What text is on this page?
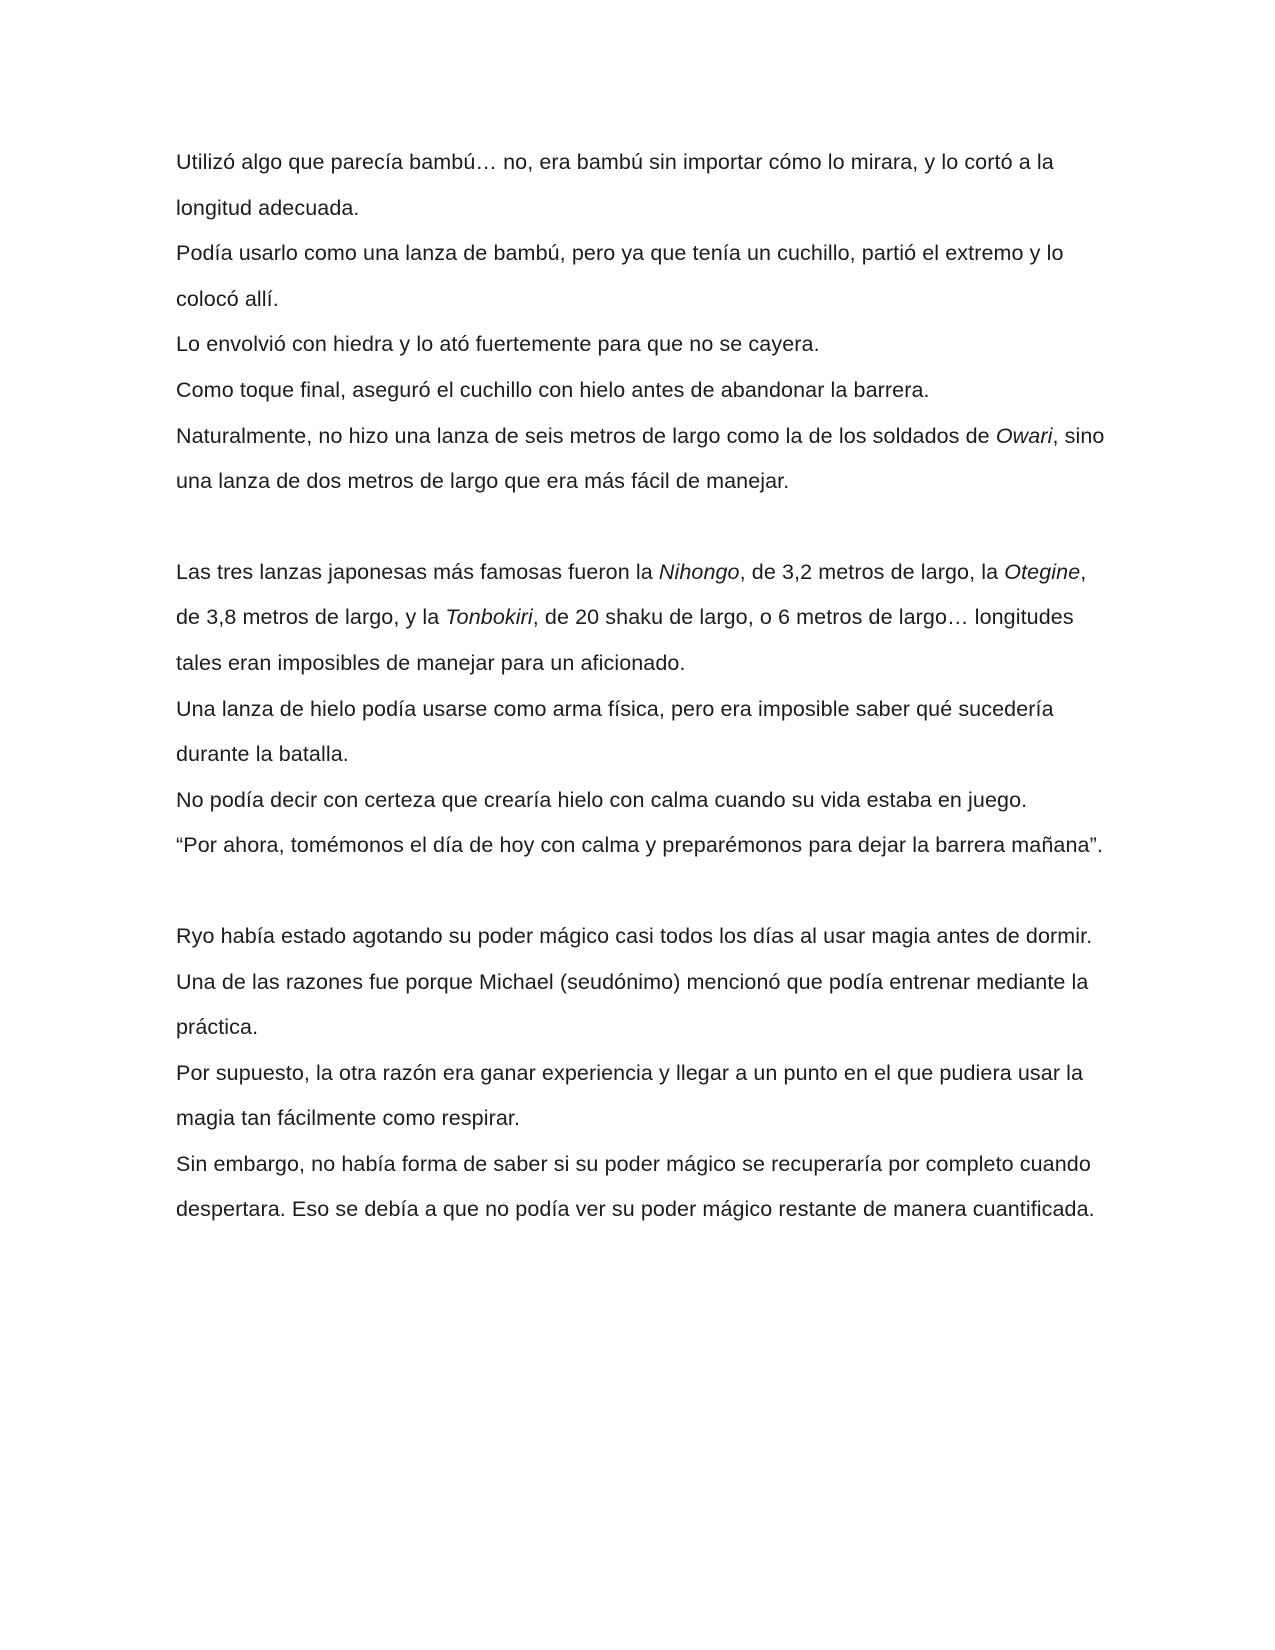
Utilizó algo que parecía bambú… no, era bambú sin importar cómo lo mirara, y lo cortó a la longitud adecuada.

Podía usarlo como una lanza de bambú, pero ya que tenía un cuchillo, partió el extremo y lo colocó allí.

Lo envolvió con hiedra y lo ató fuertemente para que no se cayera.

Como toque final, aseguró el cuchillo con hielo antes de abandonar la barrera.

Naturalmente, no hizo una lanza de seis metros de largo como la de los soldados de Owari, sino una lanza de dos metros de largo que era más fácil de manejar.

Las tres lanzas japonesas más famosas fueron la Nihongo, de 3,2 metros de largo, la Otegine, de 3,8 metros de largo, y la Tonbokiri, de 20 shaku de largo, o 6 metros de largo… longitudes tales eran imposibles de manejar para un aficionado.

Una lanza de hielo podía usarse como arma física, pero era imposible saber qué sucedería durante la batalla.

No podía decir con certeza que crearía hielo con calma cuando su vida estaba en juego.

“Por ahora, tomémonos el día de hoy con calma y preparémonos para dejar la barrera mañana”.

Ryo había estado agotando su poder mágico casi todos los días al usar magia antes de dormir.

Una de las razones fue porque Michael (seudónimo) mencionó que podía entrenar mediante la práctica.

Por supuesto, la otra razón era ganar experiencia y llegar a un punto en el que pudiera usar la magia tan fácilmente como respirar.

Sin embargo, no había forma de saber si su poder mágico se recuperaría por completo cuando despertara. Eso se debía a que no podía ver su poder mágico restante de manera cuantificada.
